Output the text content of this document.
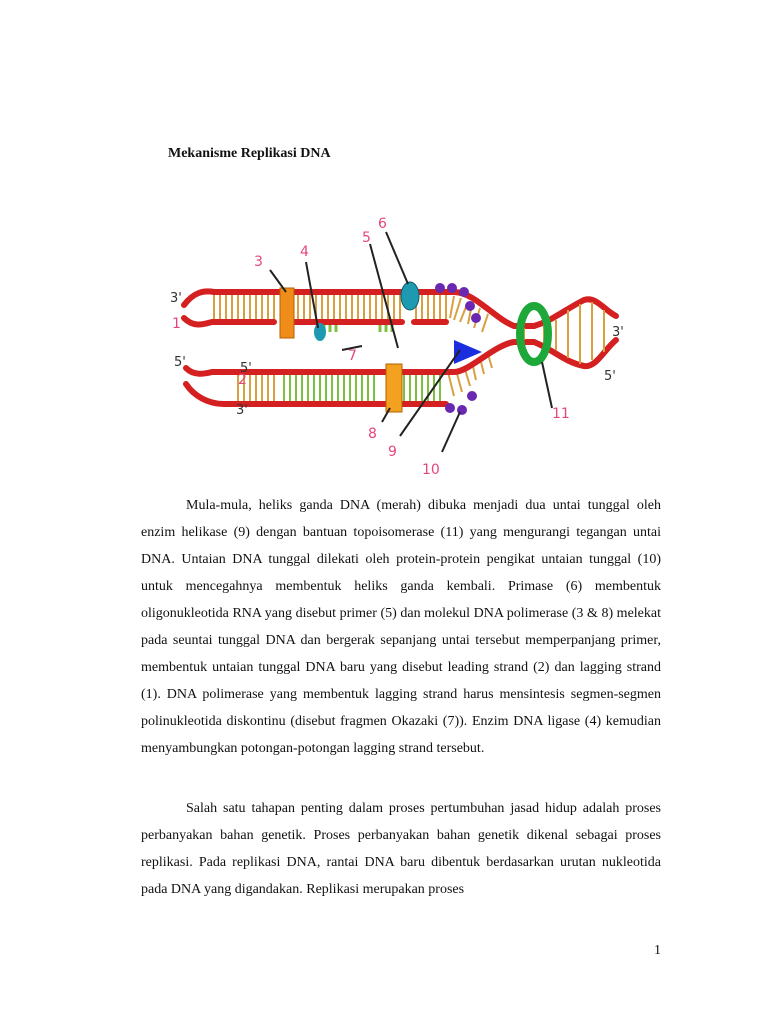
Mekanisme Replikasi DNA
1
2
3
4
5
6
7
8
9
10
11
3'
5'	5'
3'
3'
5'

Mula-mula, heliks ganda DNA (merah) dibuka menjadi dua untai tunggal oleh enzim helikase (9) dengan bantuan topoisomerase (11) yang mengurangi tegangan untai DNA. Untaian DNA tunggal dilekati oleh protein-protein pengikat untaian tunggal (10) untuk mencegahnya membentuk heliks ganda kembali. Primase (6) membentuk oligonukleotida RNA yang disebut primer (5) dan molekul DNA polimerase (3 & 8) melekat pada seuntai tunggal DNA dan bergerak sepanjang untai tersebut memperpanjang primer, membentuk untaian tunggal DNA baru yang disebut leading strand (2) dan lagging strand (1). DNA polimerase yang membentuk lagging strand harus mensintesis segmen-segmen polinukleotida diskontinu (disebut fragmen Okazaki (7)). Enzim DNA ligase (4) kemudian menyambungkan potongan-potongan lagging strand tersebut.

Salah satu tahapan penting dalam proses pertumbuhan jasad hidup adalah proses perbanyakan bahan genetik. Proses perbanyakan bahan genetik dikenal sebagai proses replikasi. Pada replikasi DNA, rantai DNA baru dibentuk berdasarkan urutan nukleotida pada DNA yang digandakan. Replikasi merupakan proses

1
